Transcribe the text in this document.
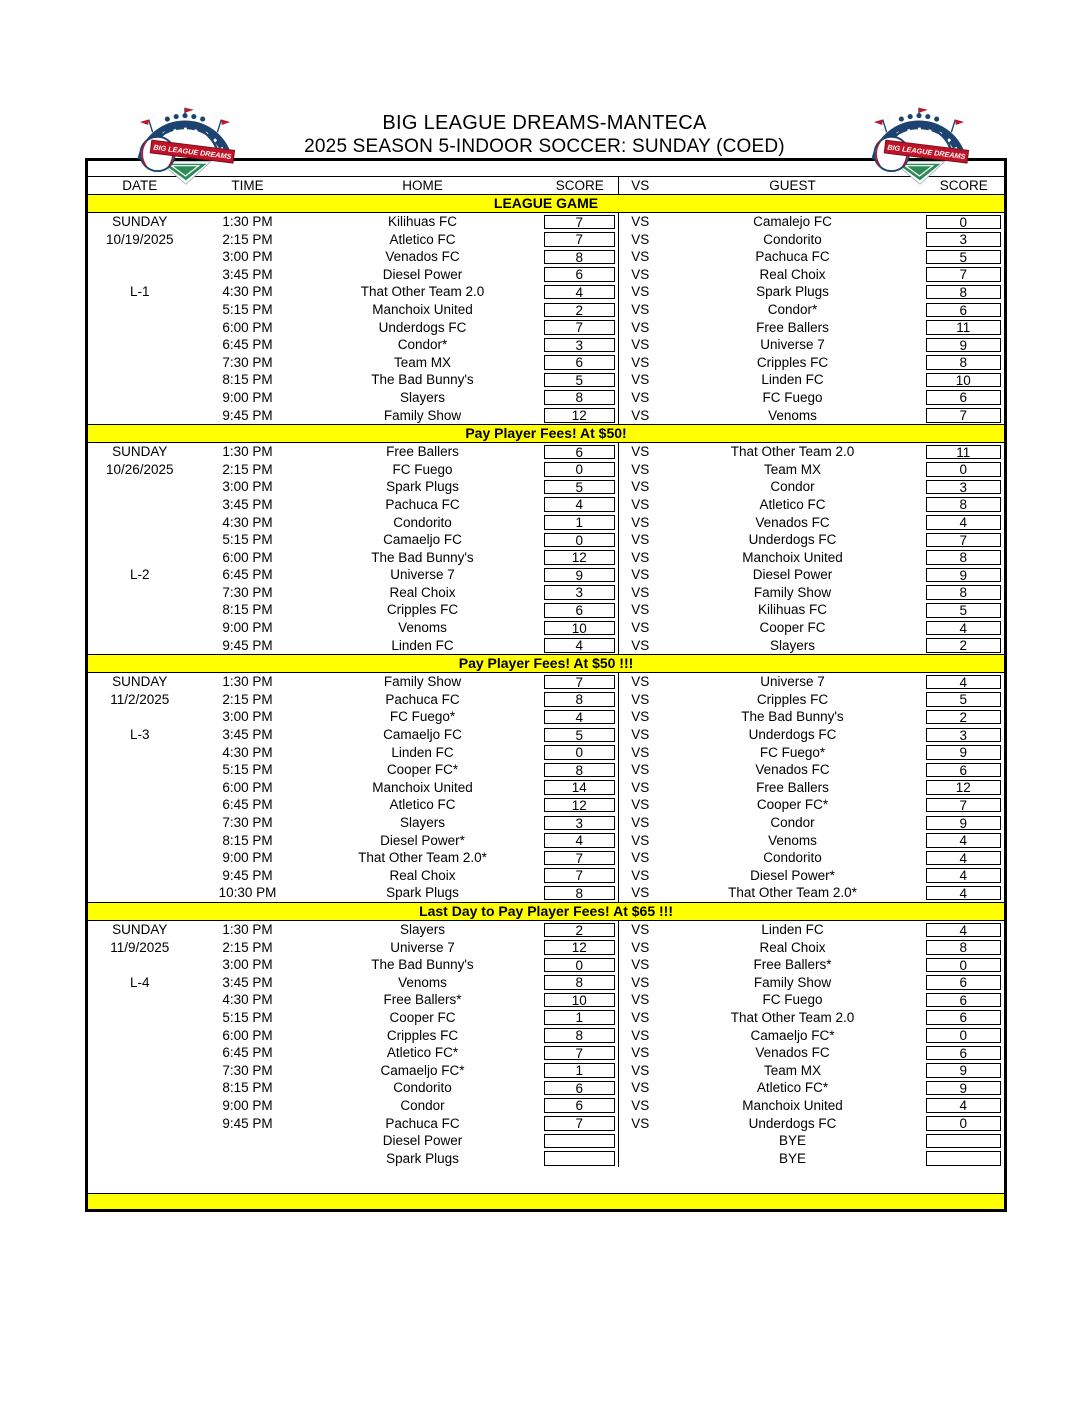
BIG LEAGUE DREAMS	BIG LEAGUE DREAMS
BIG LEAGUE DREAMS-MANTECA
2025 SEASON 5-INDOOR SOCCER: SUNDAY (COED)

DATE	TIME	HOME	SCORE	VS	GUEST	SCORE
LEAGUE GAME						
SUNDAY	1:30 PM	Kilihuas FC	7	VS	Camalejo FC	0

10/19/2025	2:15 PM	Atletico FC	7	VS	Condorito	3

	3:00 PM	Venados FC	8	VS	Pachuca FC	5

	3:45 PM	Diesel Power	6	VS	Real Choix	7

L-1	4:30 PM	That Other Team 2.0	4	VS	Spark Plugs	8

	5:15 PM	Manchoix United	2	VS	Condor*	6

	6:00 PM	Underdogs FC	7	VS	Free Ballers	11

	6:45 PM	Condor*	3	VS	Universe 7	9

	7:30 PM	Team MX	6	VS	Cripples FC	8

	8:15 PM	The Bad Bunny's	5	VS	Linden FC	10

	9:00 PM	Slayers	8	VS	FC Fuego	6

	9:45 PM	Family Show	12	VS	Venoms	7

Pay Player Fees! At $50!						
SUNDAY	1:30 PM	Free Ballers	6	VS	That Other Team 2.0	11

10/26/2025	2:15 PM	FC Fuego	0	VS	Team MX	0

	3:00 PM	Spark Plugs	5	VS	Condor	3

	3:45 PM	Pachuca FC	4	VS	Atletico FC	8

	4:30 PM	Condorito	1	VS	Venados FC	4

	5:15 PM	Camaeljo FC	0	VS	Underdogs FC	7

	6:00 PM	The Bad Bunny's	12	VS	Manchoix United	8

L-2	6:45 PM	Universe 7	9	VS	Diesel Power	9

	7:30 PM	Real Choix	3	VS	Family Show	8

	8:15 PM	Cripples FC	6	VS	Kilihuas FC	5

	9:00 PM	Venoms	10	VS	Cooper FC	4

	9:45 PM	Linden FC	4	VS	Slayers	2

Pay Player Fees! At $50 !!!						
SUNDAY	1:30 PM	Family Show	7	VS	Universe 7	4

11/2/2025	2:15 PM	Pachuca FC	8	VS	Cripples FC	5

	3:00 PM	FC Fuego*	4	VS	The Bad Bunny's	2

L-3	3:45 PM	Camaeljo FC	5	VS	Underdogs FC	3

	4:30 PM	Linden FC	0	VS	FC Fuego*	9

	5:15 PM	Cooper FC*	8	VS	Venados FC	6

	6:00 PM	Manchoix United	14	VS	Free Ballers	12

	6:45 PM	Atletico FC	12	VS	Cooper FC*	7

	7:30 PM	Slayers	3	VS	Condor	9

	8:15 PM	Diesel Power*	4	VS	Venoms	4

	9:00 PM	That Other Team 2.0*	7	VS	Condorito	4

	9:45 PM	Real Choix	7	VS	Diesel Power*	4

	10:30 PM	Spark Plugs	8	VS	That Other Team 2.0*	4

Last Day to Pay Player Fees! At $65 !!!						
SUNDAY	1:30 PM	Slayers	2	VS	Linden FC	4

11/9/2025	2:15 PM	Universe 7	12	VS	Real Choix	8

	3:00 PM	The Bad Bunny's	0	VS	Free Ballers*	0

L-4	3:45 PM	Venoms	8	VS	Family Show	6

	4:30 PM	Free Ballers*	10	VS	FC Fuego	6

	5:15 PM	Cooper FC	1	VS	That Other Team 2.0	6

	6:00 PM	Cripples FC	8	VS	Camaeljo FC*	0

	6:45 PM	Atletico FC*	7	VS	Venados FC	6

	7:30 PM	Camaeljo FC*	1	VS	Team MX	9

	8:15 PM	Condorito	6	VS	Atletico FC*	9

	9:00 PM	Condor	6	VS	Manchoix United	4

	9:45 PM	Pachuca FC	7	VS	Underdogs FC	0

		Diesel Power			BYE	

		Spark Plugs			BYE	
